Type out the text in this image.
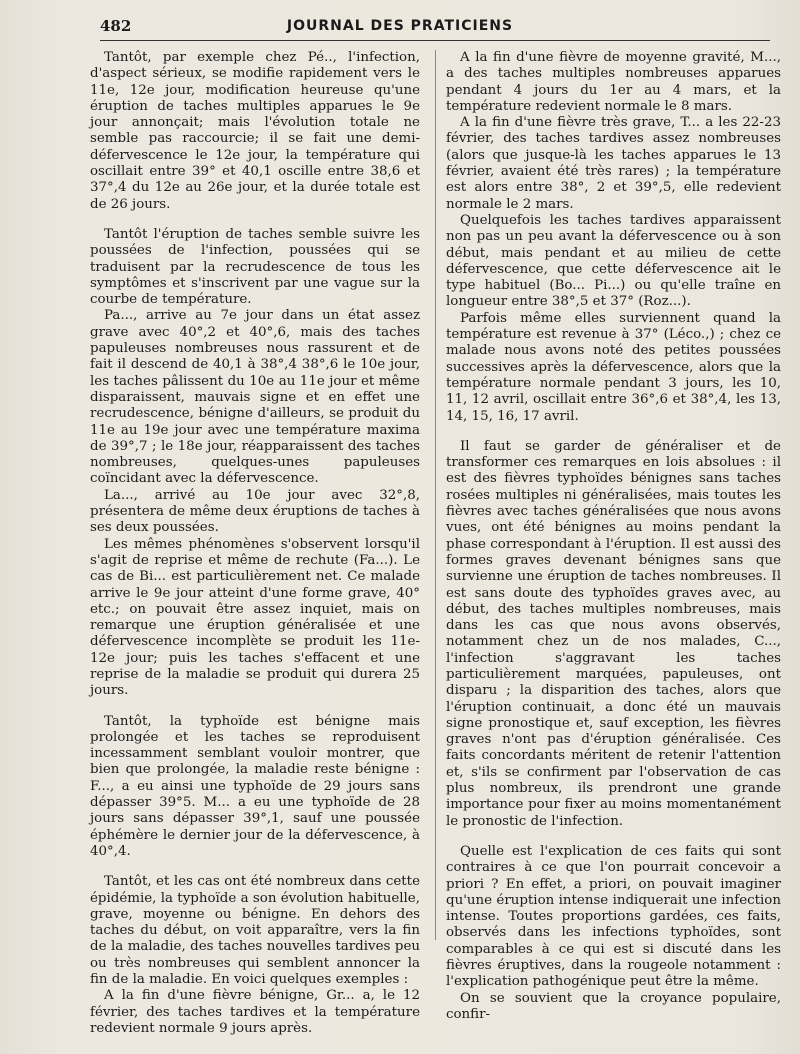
482	JOURNAL DES PRATICIENS

Tantôt, par exemple chez Pé.., l'infection, d'aspect sérieux, se modifie rapidement vers le 11e, 12e jour, modification heureuse qu'une éruption de taches multiples apparues le 9e jour annonçait; mais l'évolution totale ne semble pas raccourcie; il se fait une demi-défervescence le 12e jour, la température qui oscillait entre 39° et 40,1 oscille entre 38,6 et 37°,4 du 12e au 26e jour, et la durée totale est de 26 jours.

Tantôt l'éruption de taches semble suivre les poussées de l'infection, poussées qui se traduisent par la recrudescence de tous les symptômes et s'inscrivent par une vague sur la courbe de température.

Pa..., arrive au 7e jour dans un état assez grave avec 40°,2 et 40°,6, mais des taches papuleuses nombreuses nous rassurent et de fait il descend de 40,1 à 38°,4 38°,6 le 10e jour, les taches pâlissent du 10e au 11e jour et même disparaissent, mauvais signe et en effet une recrudescence, bénigne d'ailleurs, se produit du 11e au 19e jour avec une température maxima de 39°,7 ; le 18e jour, réapparaissent des taches nombreuses, quelques-unes papuleuses coïncidant avec la défervescence.

La..., arrivé au 10e jour avec 32°,8, présentera de même deux éruptions de taches à ses deux poussées.

Les mêmes phénomènes s'observent lorsqu'il s'agit de reprise et même de rechute (Fa...). Le cas de Bi... est particulièrement net. Ce malade arrive le 9e jour atteint d'une forme grave, 40° etc.; on pouvait être assez inquiet, mais on remarque une éruption généralisée et une défervescence incomplète se produit les 11e-12e jour; puis les taches s'effacent et une reprise de la maladie se produit qui durera 25 jours.

Tantôt, la typhoïde est bénigne mais prolongée et les taches se reproduisent incessamment semblant vouloir montrer, que bien que prolongée, la maladie reste bénigne : F..., a eu ainsi une typhoïde de 29 jours sans dépasser 39°5. M... a eu une typhoïde de 28 jours sans dépasser 39°,1, sauf une poussée éphémère le dernier jour de la défervescence, à 40°,4.

Tantôt, et les cas ont été nombreux dans cette épidémie, la typhoïde a son évolution habituelle, grave, moyenne ou bénigne. En dehors des taches du début, on voit apparaître, vers la fin de la maladie, des taches nouvelles tardives peu ou très nombreuses qui semblent annoncer la fin de la maladie. En voici quelques exemples :

A la fin d'une fièvre bénigne, Gr... a, le 12 février, des taches tardives et la température redevient normale 9 jours après.

A la fin d'une fièvre de moyenne gravité, M..., a des taches multiples nombreuses apparues pendant 4 jours du 1er au 4 mars, et la température redevient normale le 8 mars.

A la fin d'une fièvre très grave, T... a les 22-23 février, des taches tardives assez nombreuses (alors que jusque-là les taches apparues le 13 février, avaient été très rares) ; la température est alors entre 38°, 2 et 39°,5, elle redevient normale le 2 mars.

Quelquefois les taches tardives apparaissent non pas un peu avant la défervescence ou à son début, mais pendant et au milieu de cette défervescence, que cette défervescence ait le type habituel (Bo... Pi...) ou qu'elle traîne en longueur entre 38°,5 et 37° (Roz...).

Parfois même elles surviennent quand la température est revenue à 37° (Léco.,) ; chez ce malade nous avons noté des petites poussées successives après la défervescence, alors que la température normale pendant 3 jours, les 10, 11, 12 avril, oscillait entre 36°,6 et 38°,4, les 13, 14, 15, 16, 17 avril.

Il faut se garder de généraliser et de transformer ces remarques en lois absolues : il est des fièvres typhoïdes bénignes sans taches rosées multiples ni généralisées, mais toutes les fièvres avec taches généralisées que nous avons vues, ont été bénignes au moins pendant la phase correspondant à l'éruption. Il est aussi des formes graves devenant bénignes sans que survienne une éruption de taches nombreuses. Il est sans doute des typhoïdes graves avec, au début, des taches multiples nombreuses, mais dans les cas que nous avons observés, notamment chez un de nos malades, C..., l'infection s'aggravant les taches particulièrement marquées, papuleuses, ont disparu ; la disparition des taches, alors que l'éruption continuait, a donc été un mauvais signe pronostique et, sauf exception, les fièvres graves n'ont pas d'éruption généralisée. Ces faits concordants méritent de retenir l'attention et, s'ils se confirment par l'observation de cas plus nombreux, ils prendront une grande importance pour fixer au moins momentanément le pronostic de l'infection.

Quelle est l'explication de ces faits qui sont contraires à ce que l'on pourrait concevoir a priori ? En effet, a priori, on pouvait imaginer qu'une éruption intense indiquerait une infection intense. Toutes proportions gardées, ces faits, observés dans les infections typhoïdes, sont comparables à ce qui est si discuté dans les fièvres éruptives, dans la rougeole notamment : l'explication pathogénique peut être la même.

On se souvient que la croyance populaire, confir-
